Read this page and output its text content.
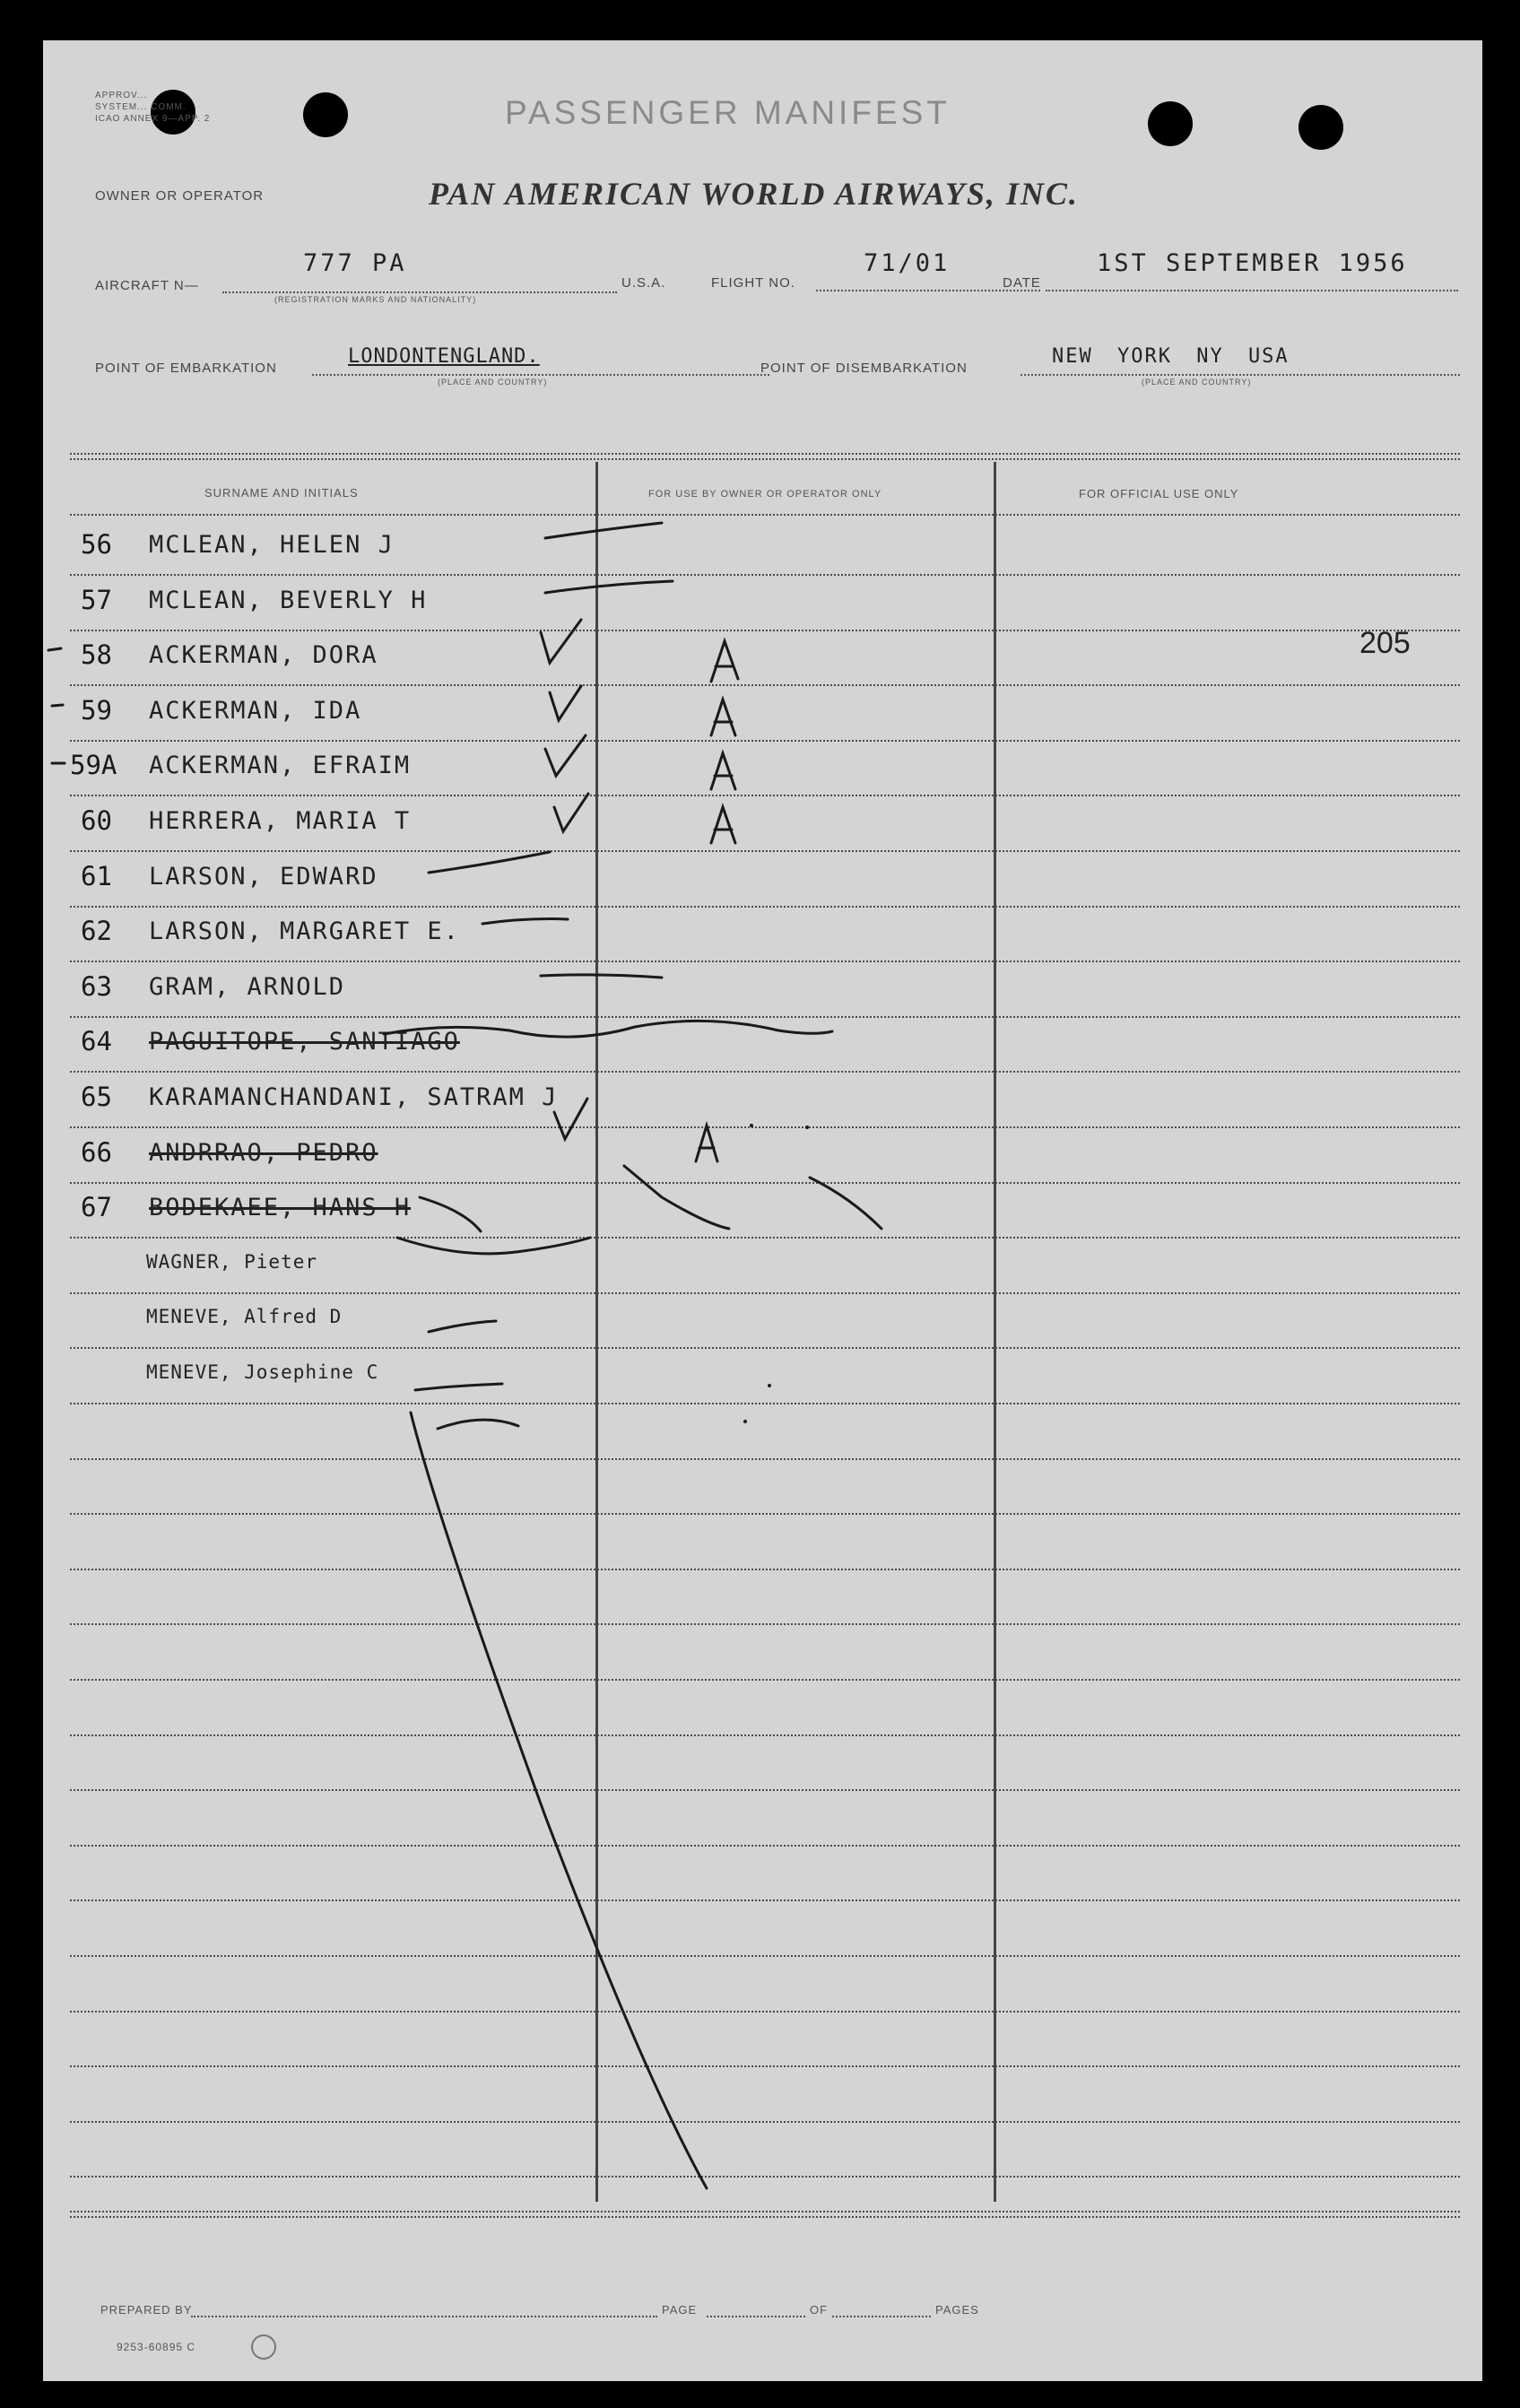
APPROV...
SYSTEM... COMM.
ICAO ANNEX 9—APP. 2	PASSENGER MANIFEST
OWNER OR OPERATOR	PAN AMERICAN WORLD AIRWAYS, INC.
AIRCRAFT N—
777 PA
(REGISTRATION MARKS AND NATIONALITY)
U.S.A.	FLIGHT NO.
71/01
DATE
1ST SEPTEMBER 1956
POINT OF EMBARKATION
LONDONTENGLAND.
(PLACE AND COUNTRY)
POINT OF DISEMBARKATION
NEW YORK NY USA
(PLACE AND COUNTRY)
SURNAME AND INITIALS	FOR USE BY OWNER OR OPERATOR ONLY	FOR OFFICIAL USE ONLY
56 MCLEAN, HELEN J
57 MCLEAN, BEVERLY H
58 ACKERMAN, DORA
59 ACKERMAN, IDA
59A ACKERMAN, EFRAIM
60 HERRERA, MARIA T
61 LARSON, EDWARD
62 LARSON, MARGARET E.
63 GRAM, ARNOLD
64 PAGUITOPE, SANTIAGO
65 KARAMANCHANDANI, SATRAM J
66 ANDRRAO, PEDRO
67 BODEKAEE, HANS H
WAGNER, Pieter
MENEVE, Alfred D
MENEVE, Josephine C
205
PREPARED BY	PAGE	OF	PAGES
9253-60895 C
